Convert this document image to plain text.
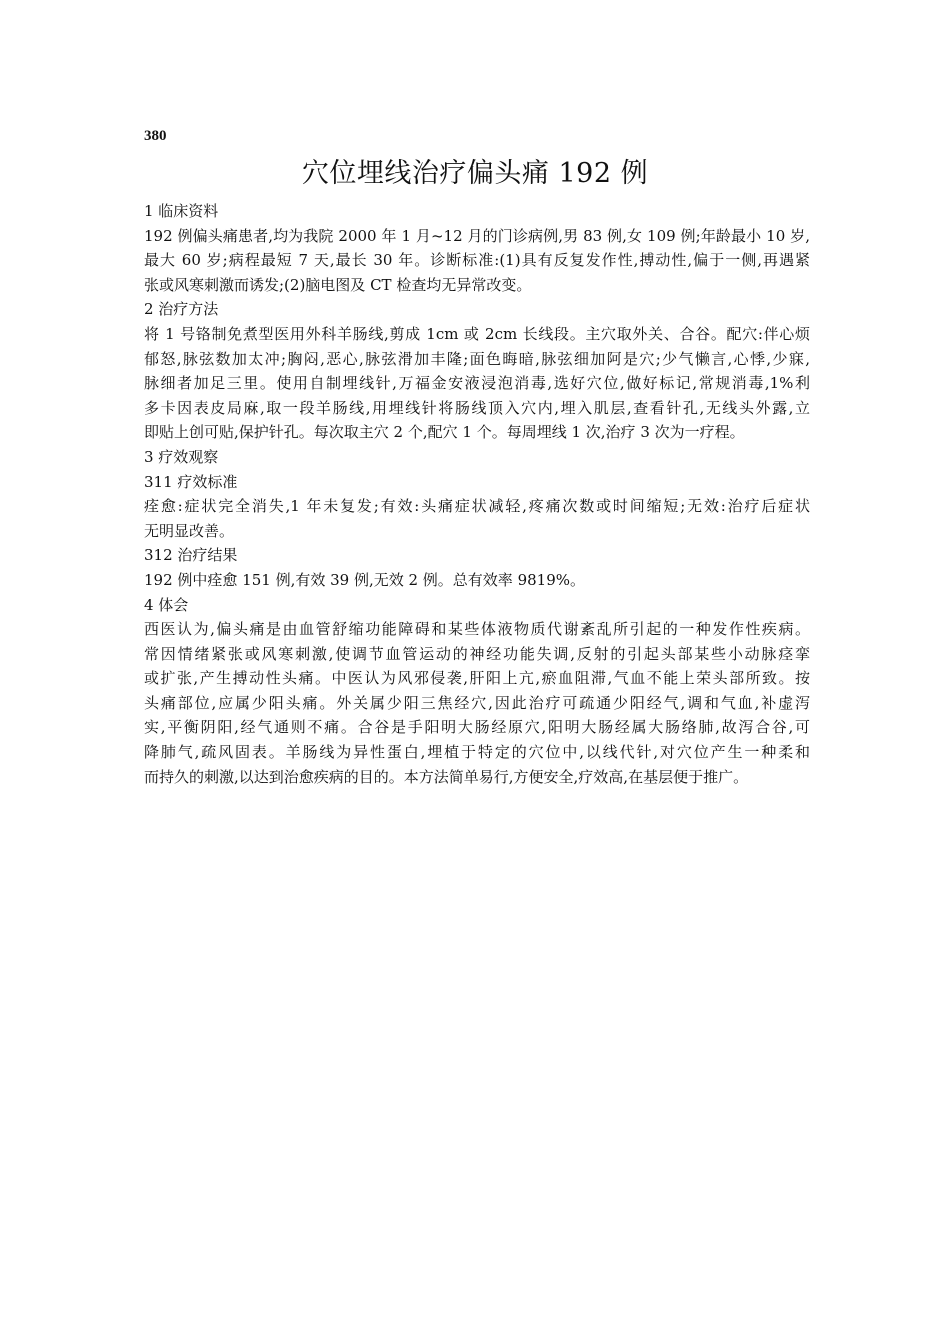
380
穴位埋线治疗偏头痛 192 例
1 临床资料

192 例偏头痛患者,均为我院 2000 年 1 月~12 月的门诊病例,男 83 例,女 109 例;年龄最小 10 岁,
最大 60 岁;病程最短 7 天,最长 30 年。诊断标准:(1)具有反复发作性,搏动性,偏于一侧,再遇紧
张或风寒刺激而诱发;(2)脑电图及 CT 检查均无异常改变。

2 治疗方法

将 1 号铬制免煮型医用外科羊肠线,剪成 1cm 或 2cm 长线段。主穴取外关、合谷。配穴:伴心烦
郁怒,脉弦数加太冲;胸闷,恶心,脉弦滑加丰隆;面色晦暗,脉弦细加阿是穴;少气懒言,心悸,少寐,
脉细者加足三里。使用自制埋线针,万福金安液浸泡消毒,选好穴位,做好标记,常规消毒,1%利
多卡因表皮局麻,取一段羊肠线,用埋线针将肠线顶入穴内,埋入肌层,查看针孔,无线头外露,立
即贴上创可贴,保护针孔。每次取主穴 2 个,配穴 1 个。每周埋线 1 次,治疗 3 次为一疗程。

3 疗效观察
311 疗效标准

痊愈:症状完全消失,1 年未复发;有效:头痛症状减轻,疼痛次数或时间缩短;无效:治疗后症状
无明显改善。

312 治疗结果

192 例中痊愈 151 例,有效 39 例,无效 2 例。总有效率 9819%。

4 体会

西医认为,偏头痛是由血管舒缩功能障碍和某些体液物质代谢紊乱所引起的一种发作性疾病。
常因情绪紧张或风寒刺激,使调节血管运动的神经功能失调,反射的引起头部某些小动脉痉挛
或扩张,产生搏动性头痛。中医认为风邪侵袭,肝阳上亢,瘀血阻滞,气血不能上荣头部所致。按
头痛部位,应属少阳头痛。外关属少阳三焦经穴,因此治疗可疏通少阳经气,调和气血,补虚泻
实,平衡阴阳,经气通则不痛。合谷是手阳明大肠经原穴,阳明大肠经属大肠络肺,故泻合谷,可
降肺气,疏风固表。羊肠线为异性蛋白,埋植于特定的穴位中,以线代针,对穴位产生一种柔和
而持久的刺激,以达到治愈疾病的目的。本方法简单易行,方便安全,疗效高,在基层便于推广。
